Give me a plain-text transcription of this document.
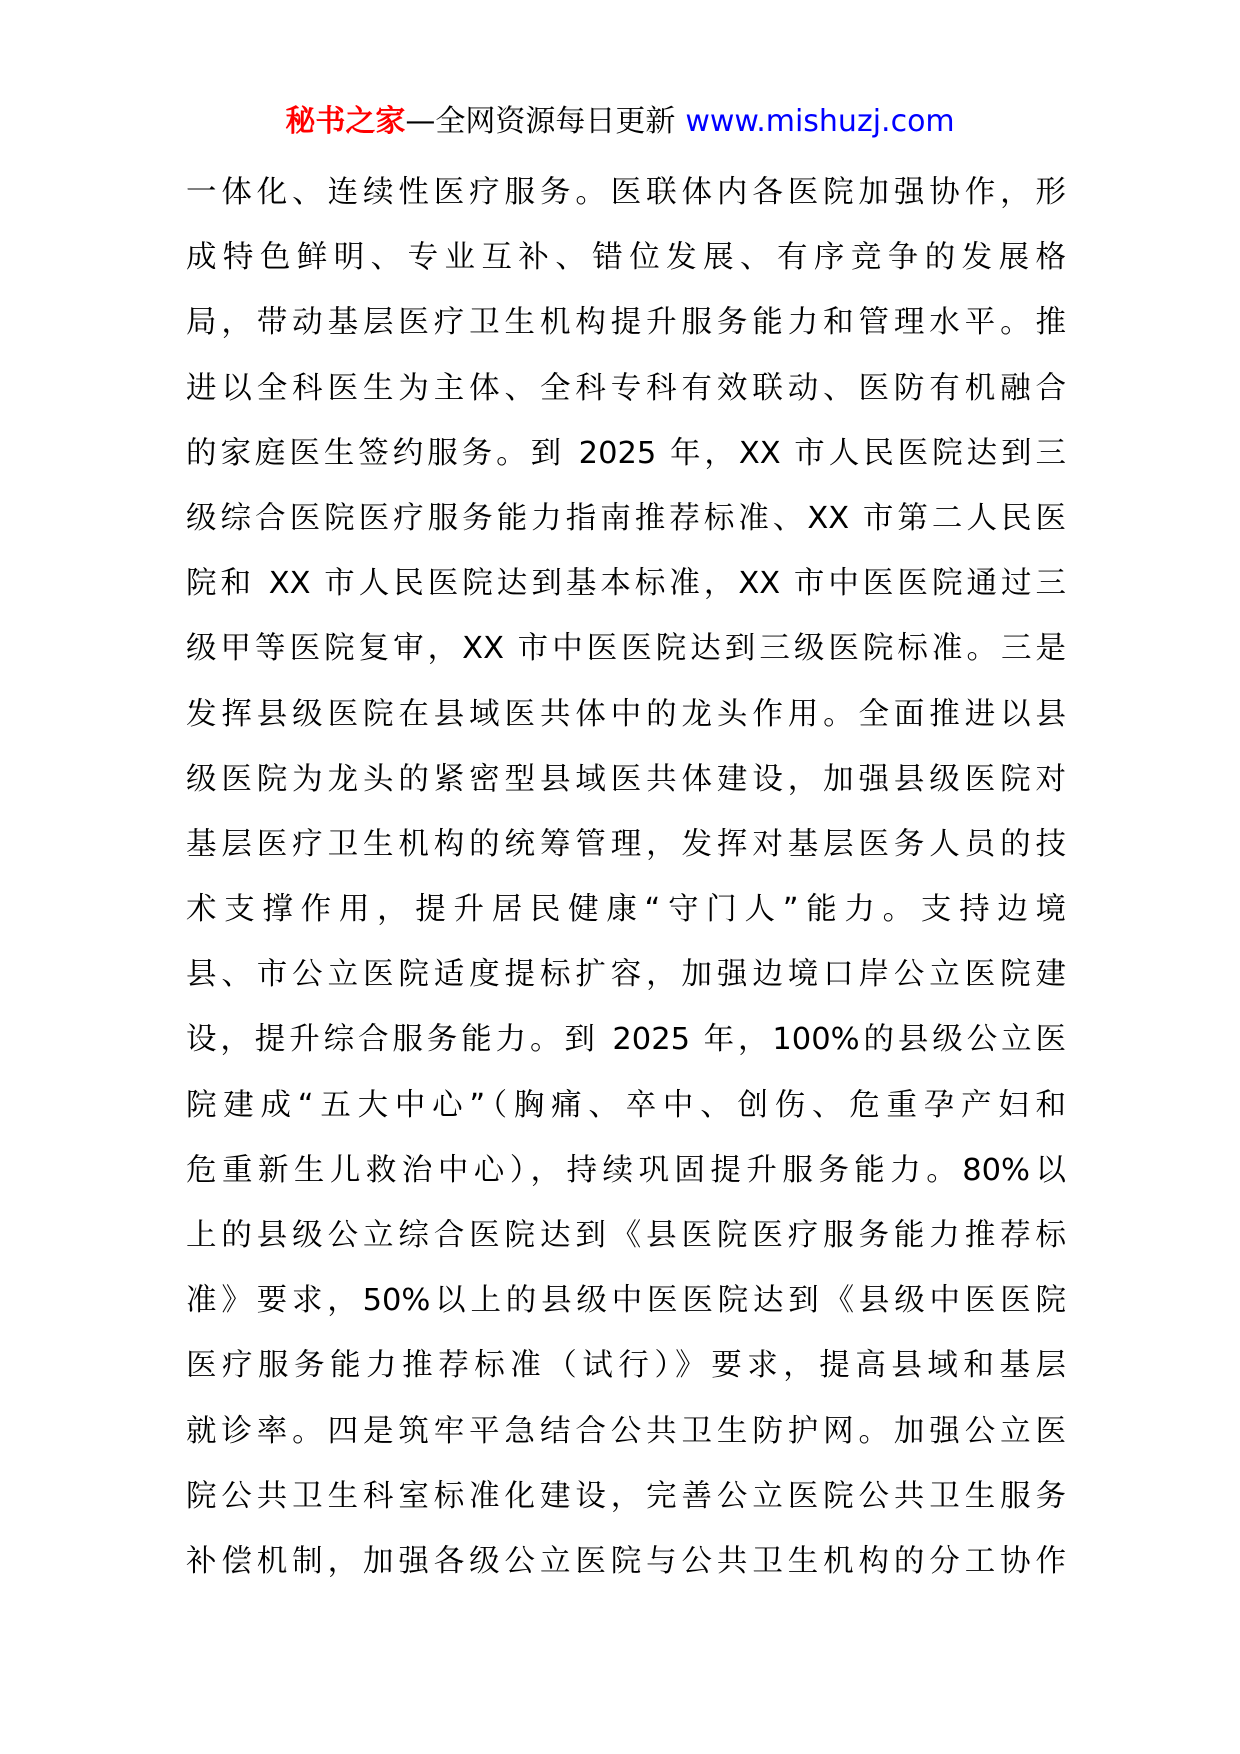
秘书之家—全网资源每日更新 www.mishuzj.com
一体化、连续性医疗服务。医联体内各医院加强协作，形
成特色鲜明、专业互补、错位发展、有序竞争的发展格
局，带动基层医疗卫生机构提升服务能力和管理水平。推
进以全科医生为主体、全科专科有效联动、医防有机融合
的家庭医生签约服务。到 2025 年，XX 市人民医院达到三
级综合医院医疗服务能力指南推荐标准、XX 市第二人民医
院和 XX 市人民医院达到基本标准，XX 市中医医院通过三
级甲等医院复审，XX 市中医医院达到三级医院标准。三是
发挥县级医院在县域医共体中的龙头作用。全面推进以县
级医院为龙头的紧密型县域医共体建设，加强县级医院对
基层医疗卫生机构的统筹管理，发挥对基层医务人员的技
术支撑作用，提升居民健康“守门人”能力。支持边境
县、市公立医院适度提标扩容，加强边境口岸公立医院建
设，提升综合服务能力。到 2025 年，100%的县级公立医
院建成“五大中心”（胸痛、卒中、创伤、危重孕产妇和
危重新生儿救治中心），持续巩固提升服务能力。80%以
上的县级公立综合医院达到《县医院医疗服务能力推荐标
准》要求，50%以上的县级中医医院达到《县级中医医院
医疗服务能力推荐标准（试行）》要求，提高县域和基层
就诊率。四是筑牢平急结合公共卫生防护网。加强公立医
院公共卫生科室标准化建设，完善公立医院公共卫生服务
补偿机制，加强各级公立医院与公共卫生机构的分工协作
